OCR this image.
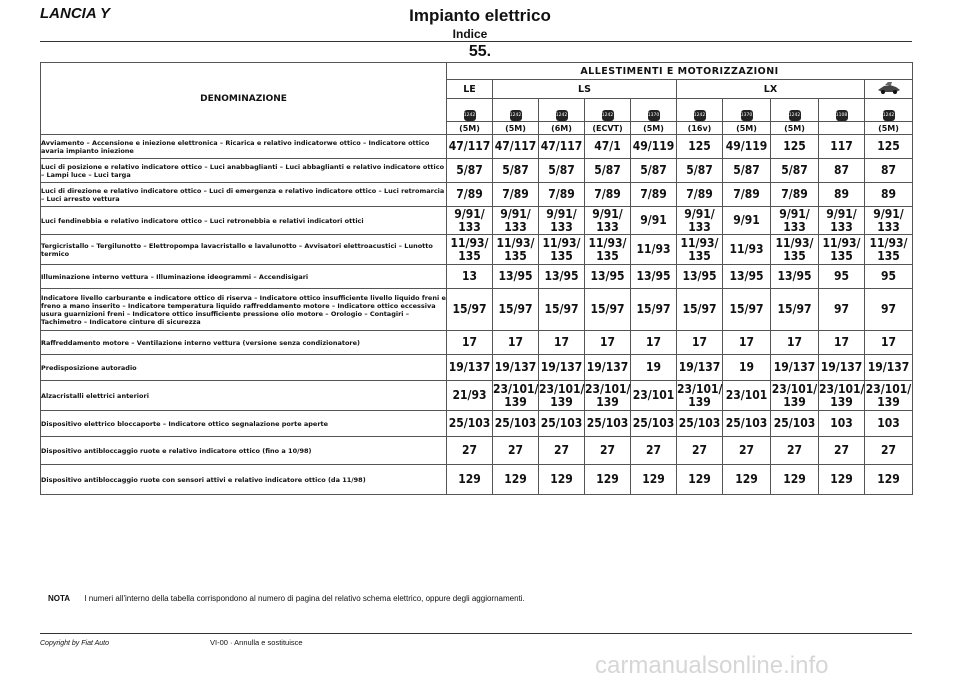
LANCIA Y	Impianto elettrico
Indice
55.
DENOMINAZIONE	ALLESTIMENTI E MOTORIZZAZIONI									
	LE	LS				LX	
	1242	1242	1242	1242	1370	1242	1370	1242	1108	1242
	(5M)	(5M)	(6M)	(ECVT)	(5M)	(16v)	(5M)	(5M)		(5M)
Avviamento – Accensione e iniezione elettronica – Ricarica e relativo indicatorwe ottico – Indicatore ottico avaria impianto iniezione	47/117	47/117	47/117	47/1	49/119	125	49/119	125	117	125
Luci di posizione e relativo indicatore ottico – Luci anabbaglianti – Luci abbaglianti e relativo indicatore ottico – Lampi luce – Luci targa	5/87	5/87	5/87	5/87	5/87	5/87	5/87	5/87	87	87
Luci di direzione e relativo indicatore ottico – Luci di emergenza e relativo indicatore ottico – Luci retromarcia – Luci arresto vettura	7/89	7/89	7/89	7/89	7/89	7/89	7/89	7/89	89	89
Luci fendinebbia e relativo indicatore ottico – Luci retronebbia e relativi indicatori ottici	9/91/ 133	9/91/ 133	9/91/ 133	9/91/ 133	9/91	9/91/ 133	9/91	9/91/ 133	9/91/ 133	9/91/ 133
Tergicristallo – Tergilunotto – Elettropompa lavacristallo e lavalunotto – Avvisatori elettroacustici – Lunotto termico	11/93/ 135	11/93/ 135	11/93/ 135	11/93/ 135	11/93	11/93/ 135	11/93	11/93/ 135	11/93/ 135	11/93/ 135
Illuminazione interno vettura – Illuminazione ideogrammi – Accendisigari	13	13/95	13/95	13/95	13/95	13/95	13/95	13/95	95	95
Indicatore livello carburante e indicatore ottico di riserva – Indicatore ottico insufficiente livello liquido freni e freno a mano inserito – Indicatore temperatura liquido raffreddamento motore – Indicatore ottico eccessiva usura guarnizioni freni – Indicatore ottico insufficiente pressione olio motore – Orologio – Contagiri – Tachimetro – Indicatore cinture di sicurezza	15/97	15/97	15/97	15/97	15/97	15/97	15/97	15/97	97	97
Raffreddamento motore – Ventilazione interno vettura (versione senza condizionatore)	17	17	17	17	17	17	17	17	17	17
Predisposizione autoradio	19/137	19/137	19/137	19/137	19	19/137	19	19/137	19/137	19/137
Alzacristalli elettrici anteriori	21/93	23/101/ 139	23/101/ 139	23/101/ 139	23/101	23/101/ 139	23/101	23/101/ 139	23/101/ 139	23/101/ 139
Dispositivo elettrico bloccaporte – Indicatore ottico segnalazione porte aperte	25/103	25/103	25/103	25/103	25/103	25/103	25/103	25/103	103	103
Dispositivo antibloccaggio ruote e relativo indicatore ottico (fino a 10/98)	27	27	27	27	27	27	27	27	27	27
Dispositivo antibloccaggio ruote con sensori attivi e relativo indicatore ottico (da 11/98)	129	129	129	129	129	129	129	129	129	129
NOTA I numeri all'interno della tabella corrispondono al numero di pagina del relativo schema elettrico, oppure degli aggiornamenti.
Copyright by Fiat Auto	VI-00 · Annulla e sostituisce
carmanualsonline.info
